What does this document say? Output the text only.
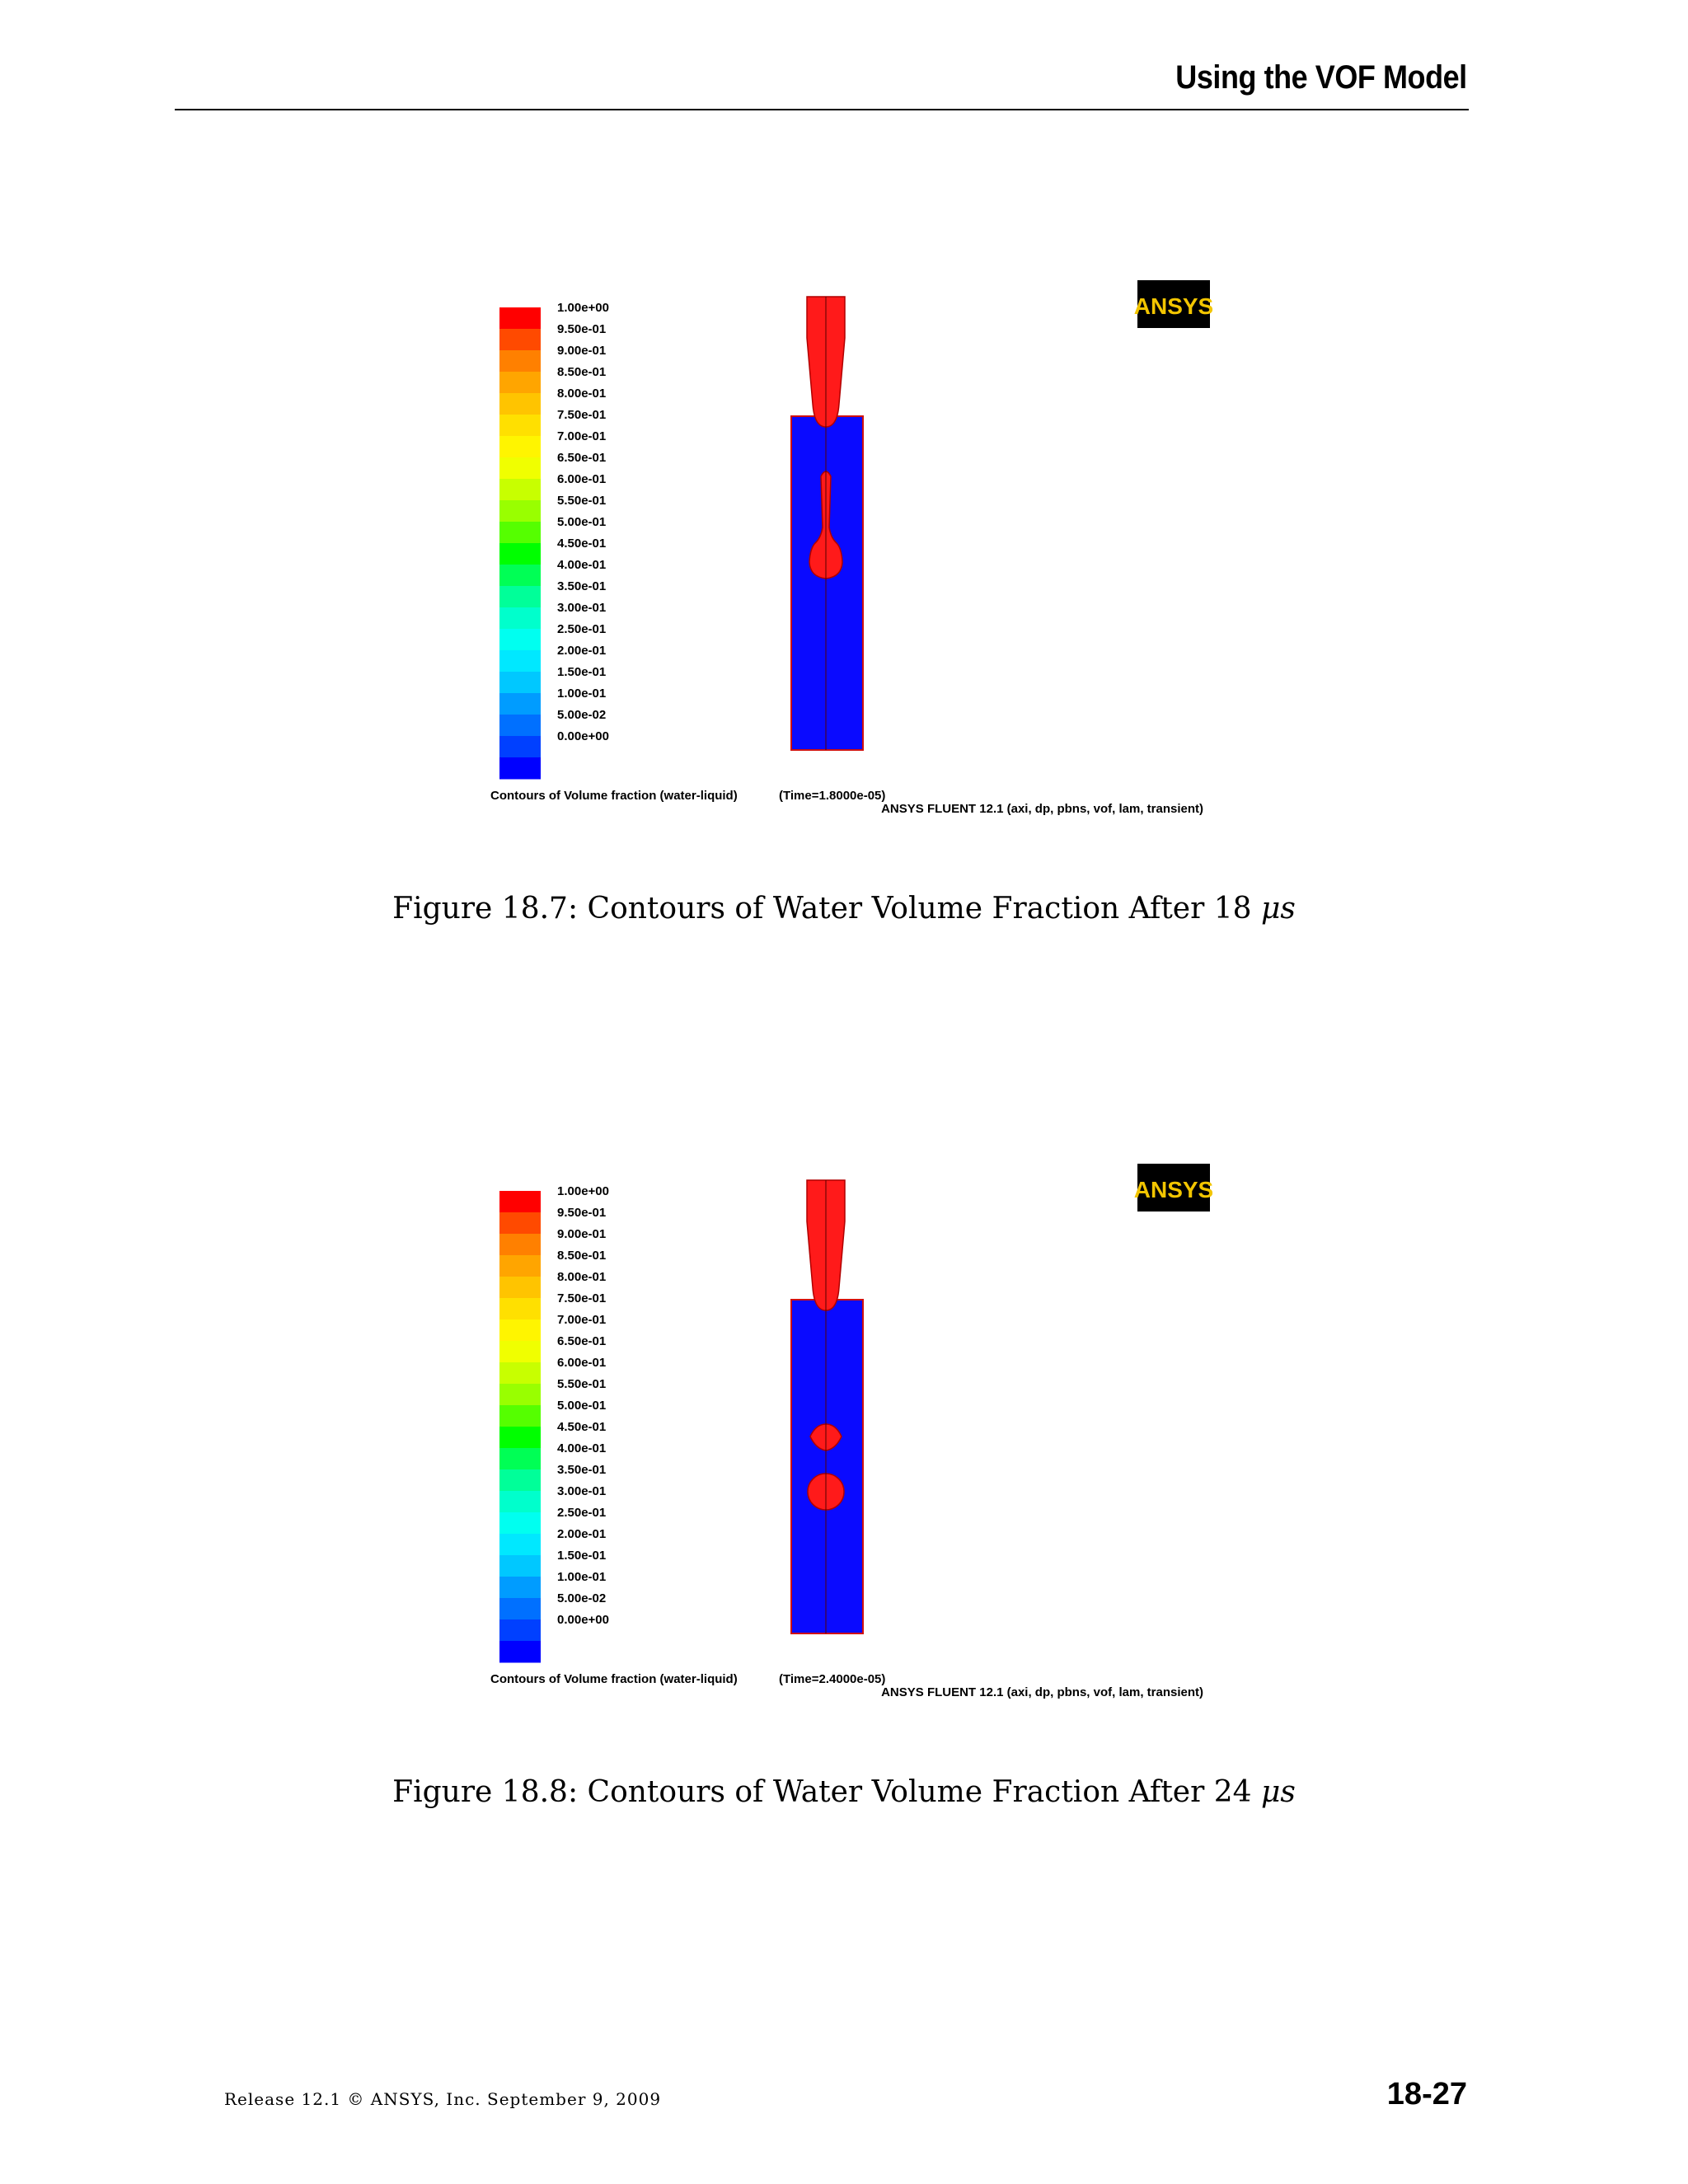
Using the VOF Model
1.00e+00
9.50e-01
9.00e-01
8.50e-01
8.00e-01
7.50e-01
7.00e-01
6.50e-01
6.00e-01
5.50e-01
5.00e-01
4.50e-01
4.00e-01
3.50e-01
3.00e-01
2.50e-01
2.00e-01
1.50e-01
1.00e-01
5.00e-02
0.00e+00
ANSYS
Contours of Volume fraction (water-liquid)	(Time=1.8000e-05)
ANSYS FLUENT 12.1 (axi, dp, pbns, vof, lam, transient)
Figure 18.7: Contours of Water Volume Fraction After 18 μs
1.00e+00
9.50e-01
9.00e-01
8.50e-01
8.00e-01
7.50e-01
7.00e-01
6.50e-01
6.00e-01
5.50e-01
5.00e-01
4.50e-01
4.00e-01
3.50e-01
3.00e-01
2.50e-01
2.00e-01
1.50e-01
1.00e-01
5.00e-02
0.00e+00
ANSYS
Contours of Volume fraction (water-liquid)	(Time=2.4000e-05)
ANSYS FLUENT 12.1 (axi, dp, pbns, vof, lam, transient)
Figure 18.8: Contours of Water Volume Fraction After 24 μs
Release 12.1 © ANSYS, Inc. September 9, 2009	18-27
